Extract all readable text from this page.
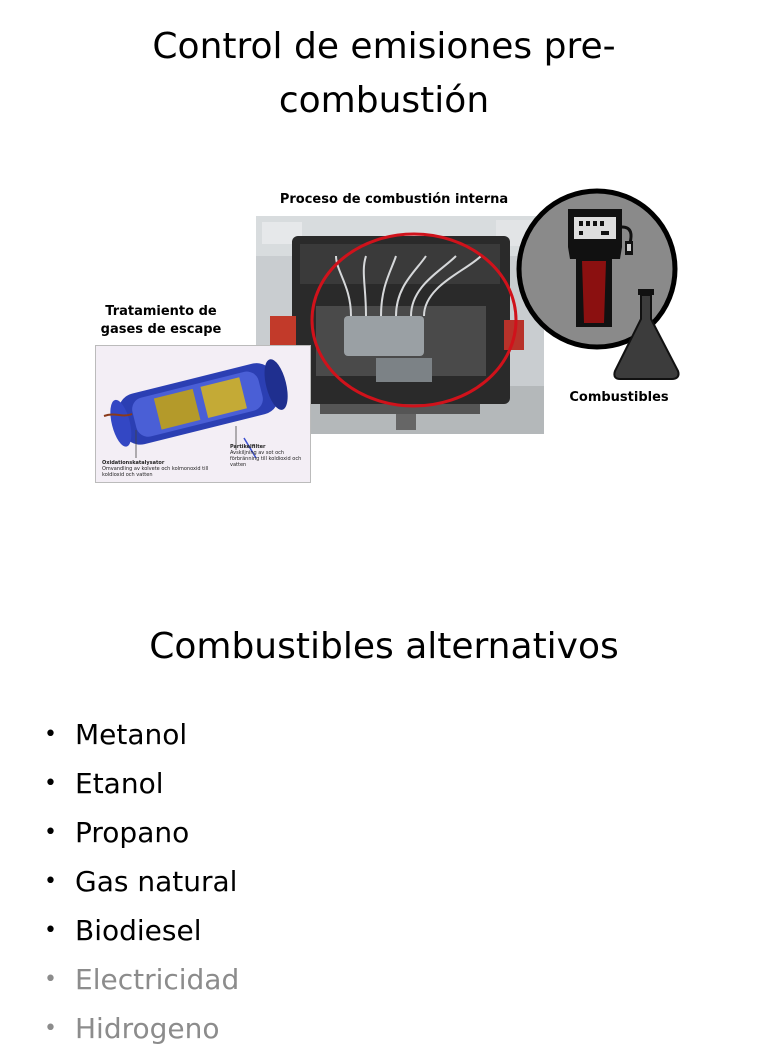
Control de emisiones pre-combustión
Proceso de combustión interna
Tratamiento de gases de escape
Oxidationskatalysator
Omvandling av kolvete och kolmonoxid till koldioxid och vatten
Partikelfilter
Avskiljning av sot och förbränning till koldioxid och vatten
Combustibles
Combustibles alternativos
• Metanol
• Etanol
• Propano
• Gas natural
• Biodiesel
• Electricidad
• Hidrogeno
